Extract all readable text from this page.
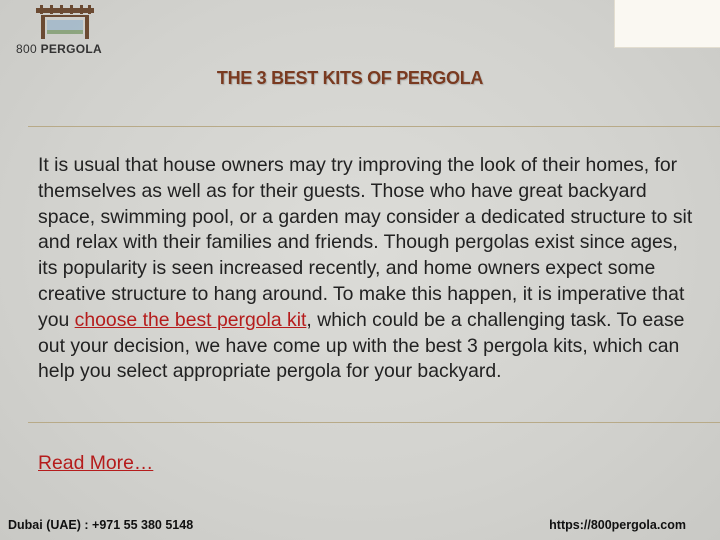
800 PERGOLA
THE 3 BEST KITS OF PERGOLA
It is usual that house owners may try improving the look of their homes, for themselves as well as for their guests. Those who have great backyard space, swimming pool, or a garden may consider a dedicated structure to sit and relax with their families and friends. Though pergolas exist since ages, its popularity is seen increased recently, and home owners expect some creative structure to hang around. To make this happen, it is imperative that you choose the best pergola kit, which could be a challenging task. To ease out your decision, we have come up with the best 3 pergola kits, which can help you select appropriate pergola for your backyard.
Read More…
Dubai (UAE) : +971 55 380 5148	https://800pergola.com
